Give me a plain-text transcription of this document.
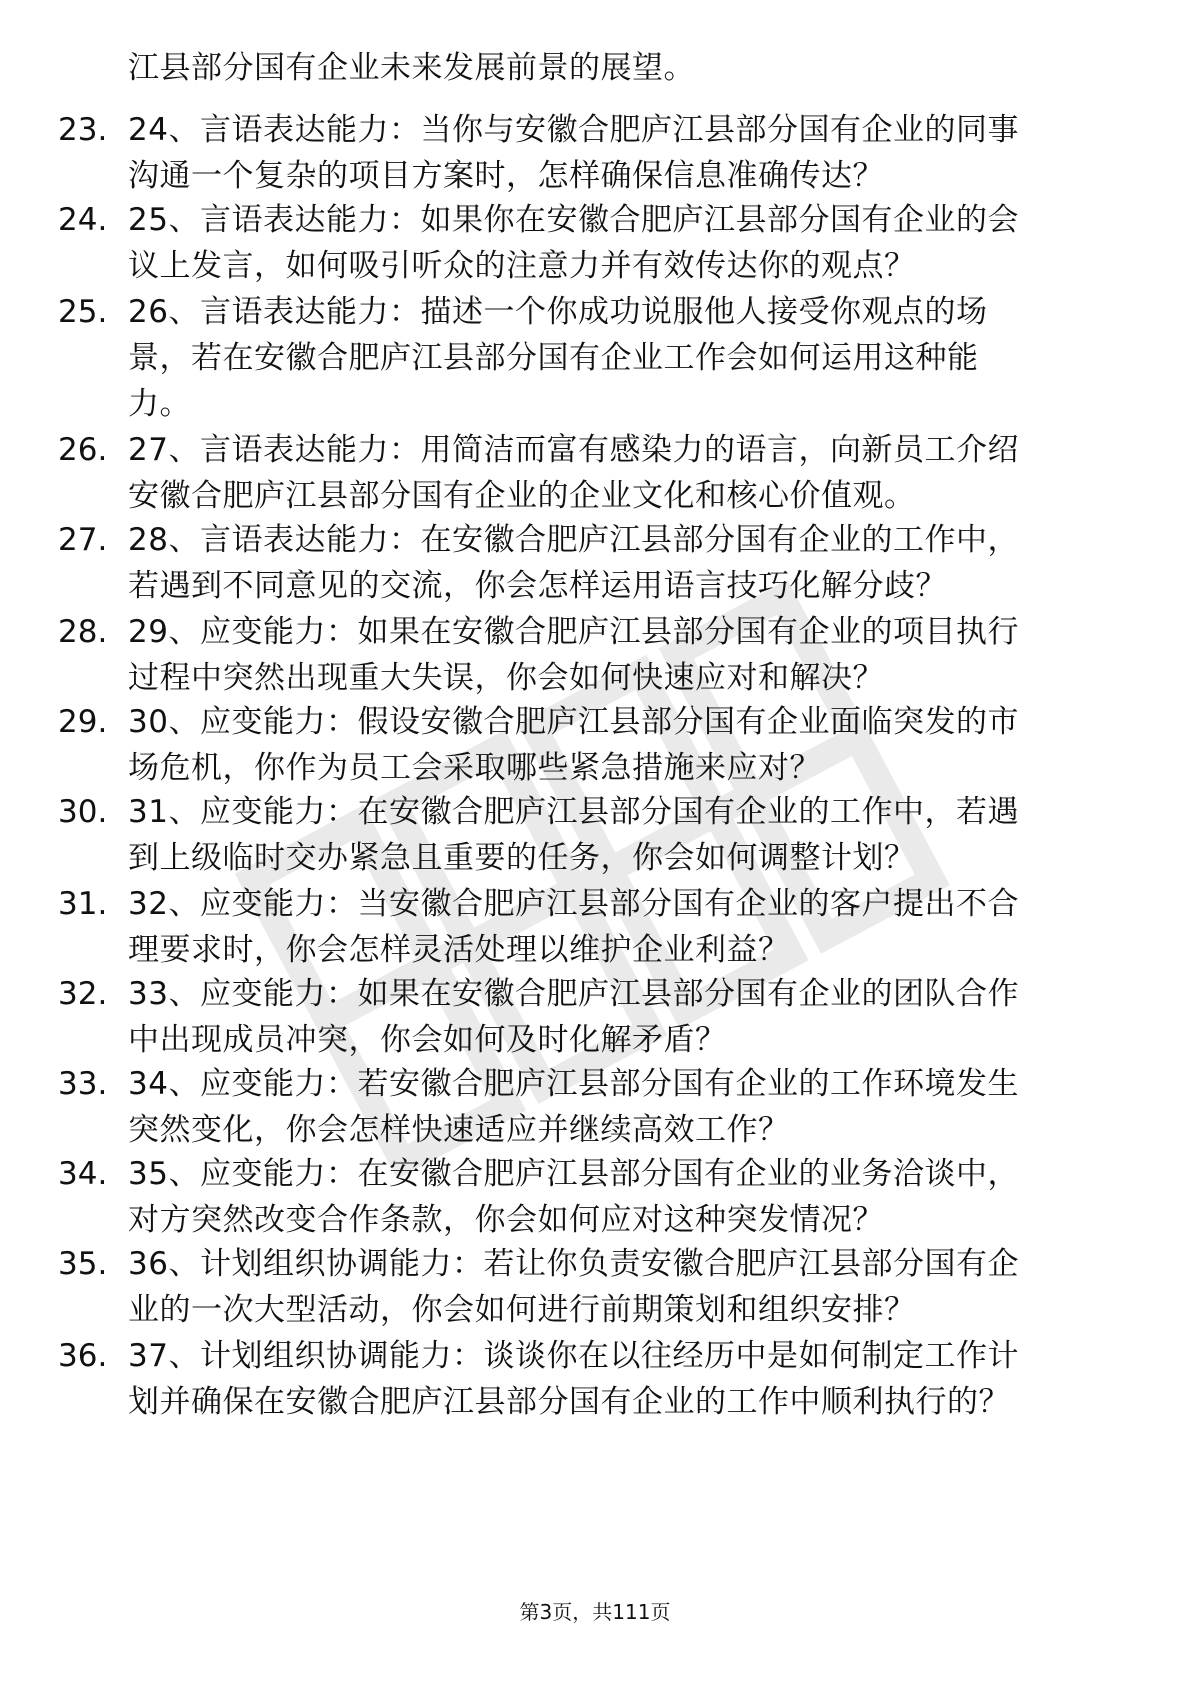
江县部分国有企业未来发展前景的展望。
23. 24、言语表达能力：当你与安徽合肥庐江县部分国有企业的同事
沟通一个复杂的项目方案时，怎样确保信息准确传达？
24. 25、言语表达能力：如果你在安徽合肥庐江县部分国有企业的会
议上发言，如何吸引听众的注意力并有效传达你的观点？
25. 26、言语表达能力：描述一个你成功说服他人接受你观点的场
景，若在安徽合肥庐江县部分国有企业工作会如何运用这种能
力。
26. 27、言语表达能力：用简洁而富有感染力的语言，向新员工介绍
安徽合肥庐江县部分国有企业的企业文化和核心价值观。
27. 28、言语表达能力：在安徽合肥庐江县部分国有企业的工作中，
若遇到不同意见的交流，你会怎样运用语言技巧化解分歧？
28. 29、应变能力：如果在安徽合肥庐江县部分国有企业的项目执行
过程中突然出现重大失误，你会如何快速应对和解决？
29. 30、应变能力：假设安徽合肥庐江县部分国有企业面临突发的市
场危机，你作为员工会采取哪些紧急措施来应对？
30. 31、应变能力：在安徽合肥庐江县部分国有企业的工作中，若遇
到上级临时交办紧急且重要的任务，你会如何调整计划？
31. 32、应变能力：当安徽合肥庐江县部分国有企业的客户提出不合
理要求时，你会怎样灵活处理以维护企业利益？
32. 33、应变能力：如果在安徽合肥庐江县部分国有企业的团队合作
中出现成员冲突，你会如何及时化解矛盾？
33. 34、应变能力：若安徽合肥庐江县部分国有企业的工作环境发生
突然变化，你会怎样快速适应并继续高效工作？
34. 35、应变能力：在安徽合肥庐江县部分国有企业的业务洽谈中，
对方突然改变合作条款，你会如何应对这种突发情况？
35. 36、计划组织协调能力：若让你负责安徽合肥庐江县部分国有企
业的一次大型活动，你会如何进行前期策划和组织安排？
36. 37、计划组织协调能力：谈谈你在以往经历中是如何制定工作计
划并确保在安徽合肥庐江县部分国有企业的工作中顺利执行的？
第3页，共111页
